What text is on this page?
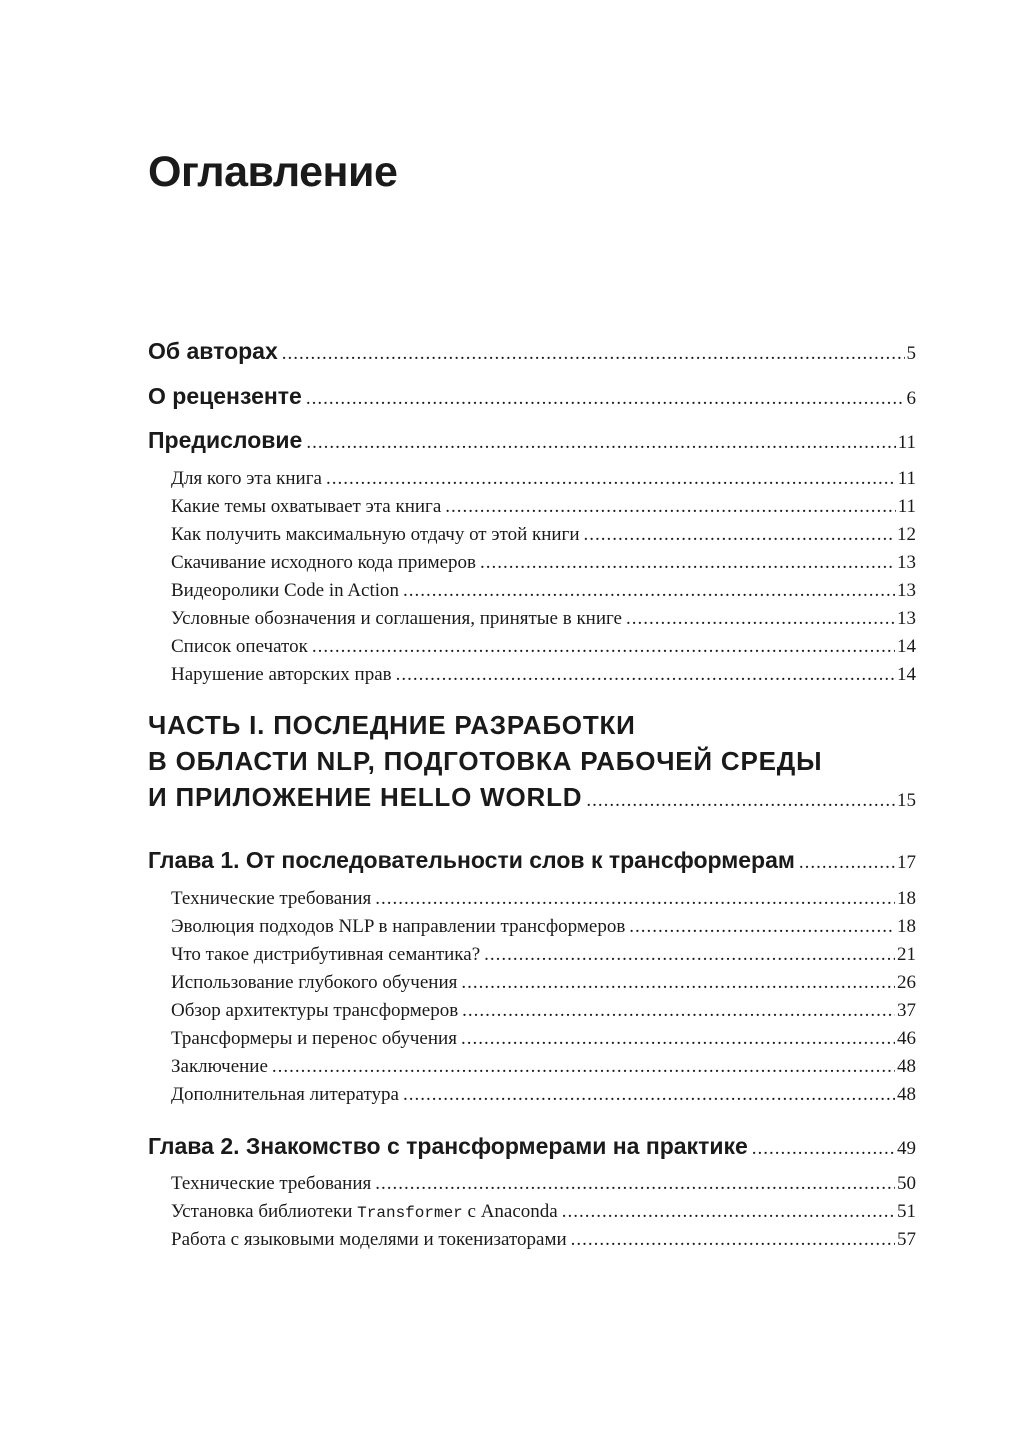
Оглавление
Об авторах .....	5
О рецензенте .....	6
Предисловие .....	11
Для кого эта книга .....	11
Какие темы охватывает эта книга .....	11
Как получить максимальную отдачу от этой книги .....	12
Скачивание исходного кода примеров .....	13
Видеоролики Code in Action .....	13
Условные обозначения и соглашения, принятые в книге .....	13
Список опечаток .....	14
Нарушение авторских прав .....	14
ЧАСТЬ I. ПОСЛЕДНИЕ РАЗРАБОТКИ
В ОБЛАСТИ NLP, ПОДГОТОВКА РАБОЧЕЙ СРЕДЫ
И ПРИЛОЖЕНИЕ HELLO WORLD .....	15
Глава 1. От последовательности слов к трансформерам .....	17
Технические требования .....	18
Эволюция подходов NLP в направлении трансформеров .....	18
Что такое дистрибутивная семантика? .....	21
Использование глубокого обучения .....	26
Обзор архитектуры трансформеров .....	37
Трансформеры и перенос обучения .....	46
Заключение .....	48
Дополнительная литература .....	48
Глава 2. Знакомство с трансформерами на практике .....	49
Технические требования .....	50
Установка библиотеки Transformer с Anaconda .....	51
Работа с языковыми моделями и токенизаторами .....	57
